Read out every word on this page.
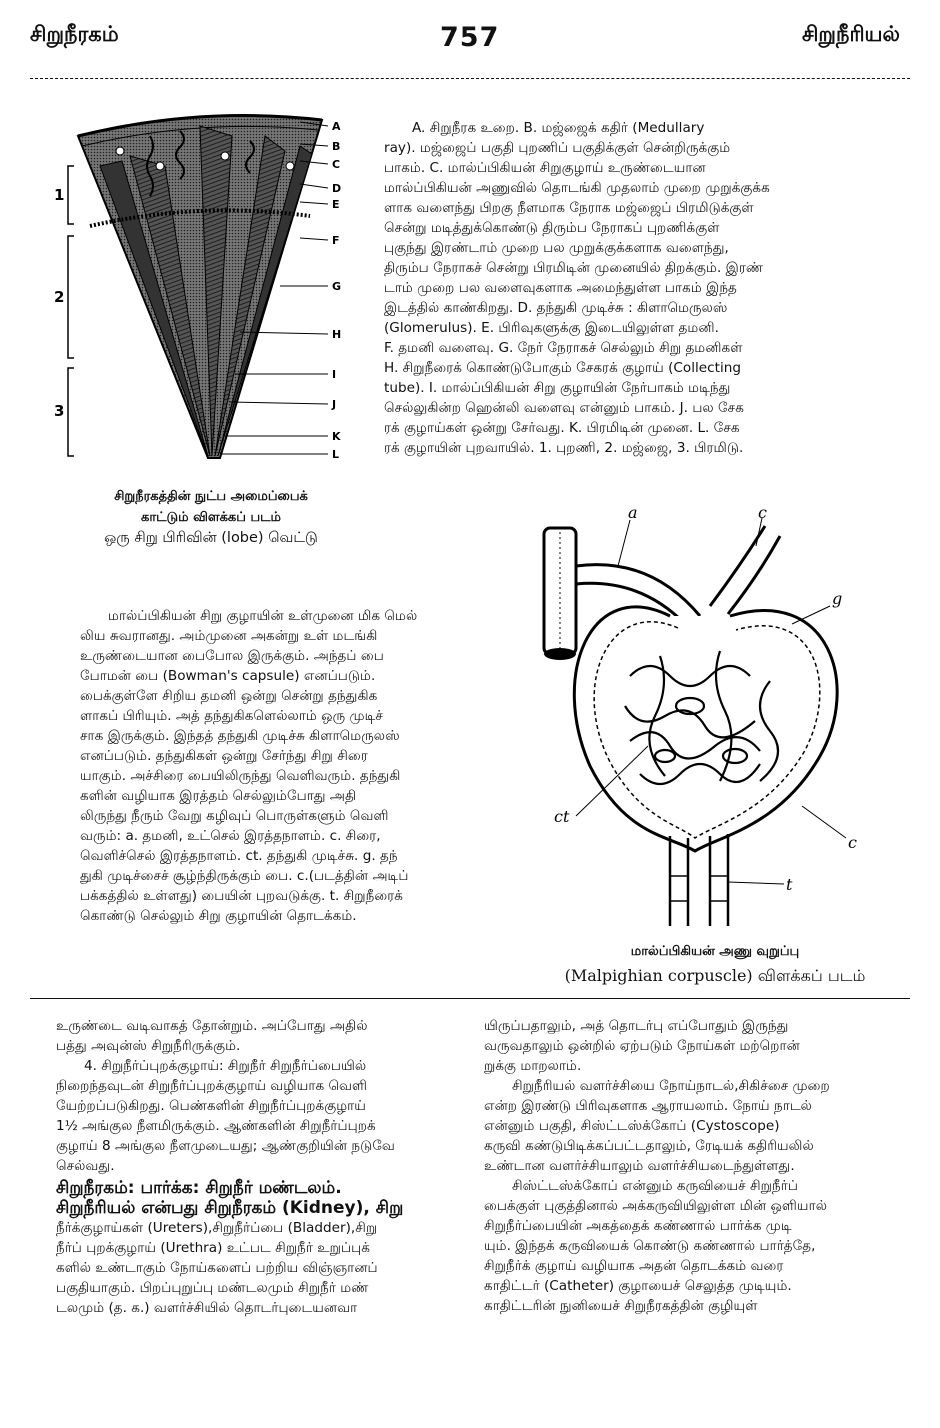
சிறுநீரகம்	757	சிறுநீரியல்
A
B
C
D
E
F
G
H
I
J
K
L
1
2
3
சிறுநீரகத்தின் நுட்ப அமைப்பைக்
காட்டும் விளக்கப் படம்
ஒரு சிறு பிரிவின் (lobe) வெட்டு

A. சிறுநீரக உறை. B. மஜ்ஜைக் கதிர் (Medullary

ray). மஜ்ஜைப் பகுதி புறணிப் பகுதிக்குள் சென்றிருக்கும்

பாகம். C. மால்ப்பிகியன் சிறுகுழாய் உருண்டையான

மால்ப்பிகியன் அணுவில் தொடங்கி முதலாம் முறை முறுக்குக்க

ளாக வளைந்து பிறகு நீளமாக நேராக மஜ்ஜைப் பிரமிடுக்குள்

சென்று மடித்துக்கொண்டு திரும்ப நேராகப் புறணிக்குள்

புகுந்து இரண்டாம் முறை பல முறுக்குக்களாக வளைந்து,

திரும்ப நேராகச் சென்று பிரமிடின் முனையில் திறக்கும். இரண்

டாம் முறை பல வளைவுகளாக அமைந்துள்ள பாகம் இந்த

இடத்தில் காண்கிறது. D. தந்துகி முடிச்சு : கிளாமெருலஸ்

(Glomerulus). E. பிரிவுகளுக்கு இடையிலுள்ள தமனி.

F. தமனி வளைவு. G. நேர் நேராகச் செல்லும் சிறு தமனிகள்

H. சிறுநீரைக் கொண்டுபோகும் சேகரக் குழாய் (Collecting

tube). I. மால்ப்பிகியன் சிறு குழாயின் நேர்பாகம் மடிந்து

செல்லுகின்ற ஹென்லி வளைவு என்னும் பாகம். J. பல சேக

ரக் குழாய்கள் ஒன்று சேர்வது. K. பிரமிடின் முனை. L. சேக

ரக் குழாயின் புறவாயில். 1. புறணி, 2. மஜ்ஜை, 3. பிரமிடு.

a	c
g
ct
c
t
மால்ப்பிகியன் அணு வுறுப்பு
(Malpighian corpuscle) விளக்கப் படம்

மால்ப்பிகியன் சிறு குழாயின் உள்முனை மிக மெல்

லிய சுவரானது. அம்முனை அகன்று உள் மடங்கி

உருண்டையான பைபோல இருக்கும். அந்தப் பை

போமன் பை (Bowman's capsule) எனப்படும்.

பைக்குள்ளே சிறிய தமனி ஒன்று சென்று தந்துகிக

ளாகப் பிரியும். அத் தந்துகிகளெல்லாம் ஒரு முடிச்

சாக இருக்கும். இந்தத் தந்துகி முடிச்சு கிளாமெருலஸ்

எனப்படும். தந்துகிகள் ஒன்று சேர்ந்து சிறு சிரை

யாகும். அச்சிரை பையிலிருந்து வெளிவரும். தந்துகி

களின் வழியாக இரத்தம் செல்லும்போது அதி

லிருந்து நீரும் வேறு கழிவுப் பொருள்களும் வெளி

வரும்: a. தமனி, உட்செல் இரத்தநாளம். c. சிரை,

வெளிச்செல் இரத்தநாளம். ct. தந்துகி முடிச்சு. g. தந்

துகி முடிச்சைச் சூழ்ந்திருக்கும் பை. c.(படத்தின் அடிப்

பக்கத்தில் உள்ளது) பையின் புறவடுக்கு. t. சிறுநீரைக்

கொண்டு செல்லும் சிறு குழாயின் தொடக்கம்.

உருண்டை வடிவாகத் தோன்றும். அப்போது அதில்

பத்து அவுன்ஸ் சிறுநீரிருக்கும்.

4. சிறுநீர்ப்புறக்குழாய்: சிறுநீர் சிறுநீர்ப்பையில்

நிறைந்தவுடன் சிறுநீர்ப்புறக்குழாய் வழியாக வெளி

யேற்றப்படுகிறது. பெண்களின் சிறுநீர்ப்புறக்குழாய்

1½ அங்குல நீளமிருக்கும். ஆண்களின் சிறுநீர்ப்புறக்

குழாய் 8 அங்குல நீளமுடையது; ஆண்குறியின் நடுவே

செல்வது.

சிறுநீரகம்: பார்க்க: சிறுநீர் மண்டலம்.

சிறுநீரியல் என்பது சிறுநீரகம் (Kidney), சிறு

நீர்க்குழாய்கள் (Ureters),சிறுநீர்ப்பை (Bladder),சிறு

நீர்ப் புறக்குழாய் (Urethra) உட்பட சிறுநீர் உறுப்புக்

களில் உண்டாகும் நோய்களைப் பற்றிய விஞ்ஞானப்

பகுதியாகும். பிறப்புறுப்பு மண்டலமும் சிறுநீர் மண்

டலமும் (த. க.) வளர்ச்சியில் தொடர்புடையனவா

யிருப்பதாலும், அத் தொடர்பு எப்போதும் இருந்து

வருவதாலும் ஒன்றில் ஏற்படும் நோய்கள் மற்றொன்

றுக்கு மாறலாம்.

சிறுநீரியல் வளர்ச்சியை நோய்நாடல்,சிகிச்சை முறை

என்ற இரண்டு பிரிவுகளாக ஆராயலாம். நோய் நாடல்

என்னும் பகுதி, சிஸ்ட்டஸ்க்கோப் (Cystoscope)

கருவி கண்டுபிடிக்கப்பட்டதாலும், ரேடியக் கதிரியலில்

உண்டான வளர்ச்சியாலும் வளர்ச்சியடைந்துள்ளது.

சிஸ்ட்டஸ்க்கோப் என்னும் கருவியைச் சிறுநீர்ப்

பைக்குள் புகுத்தினால் அக்கருவியிலுள்ள மின் ஒளியால்

சிறுநீர்ப்பையின் அகத்தைக் கண்ணால் பார்க்க முடி

யும். இந்தக் கருவியைக் கொண்டு கண்ணால் பார்த்தே,

சிறுநீர்க் குழாய் வழியாக அதன் தொடக்கம் வரை

காதிட்டர் (Catheter) குழாயைச் செலுத்த முடியும்.

காதிட்டரின் நுனியைச் சிறுநீரகத்தின் குழியுள்
